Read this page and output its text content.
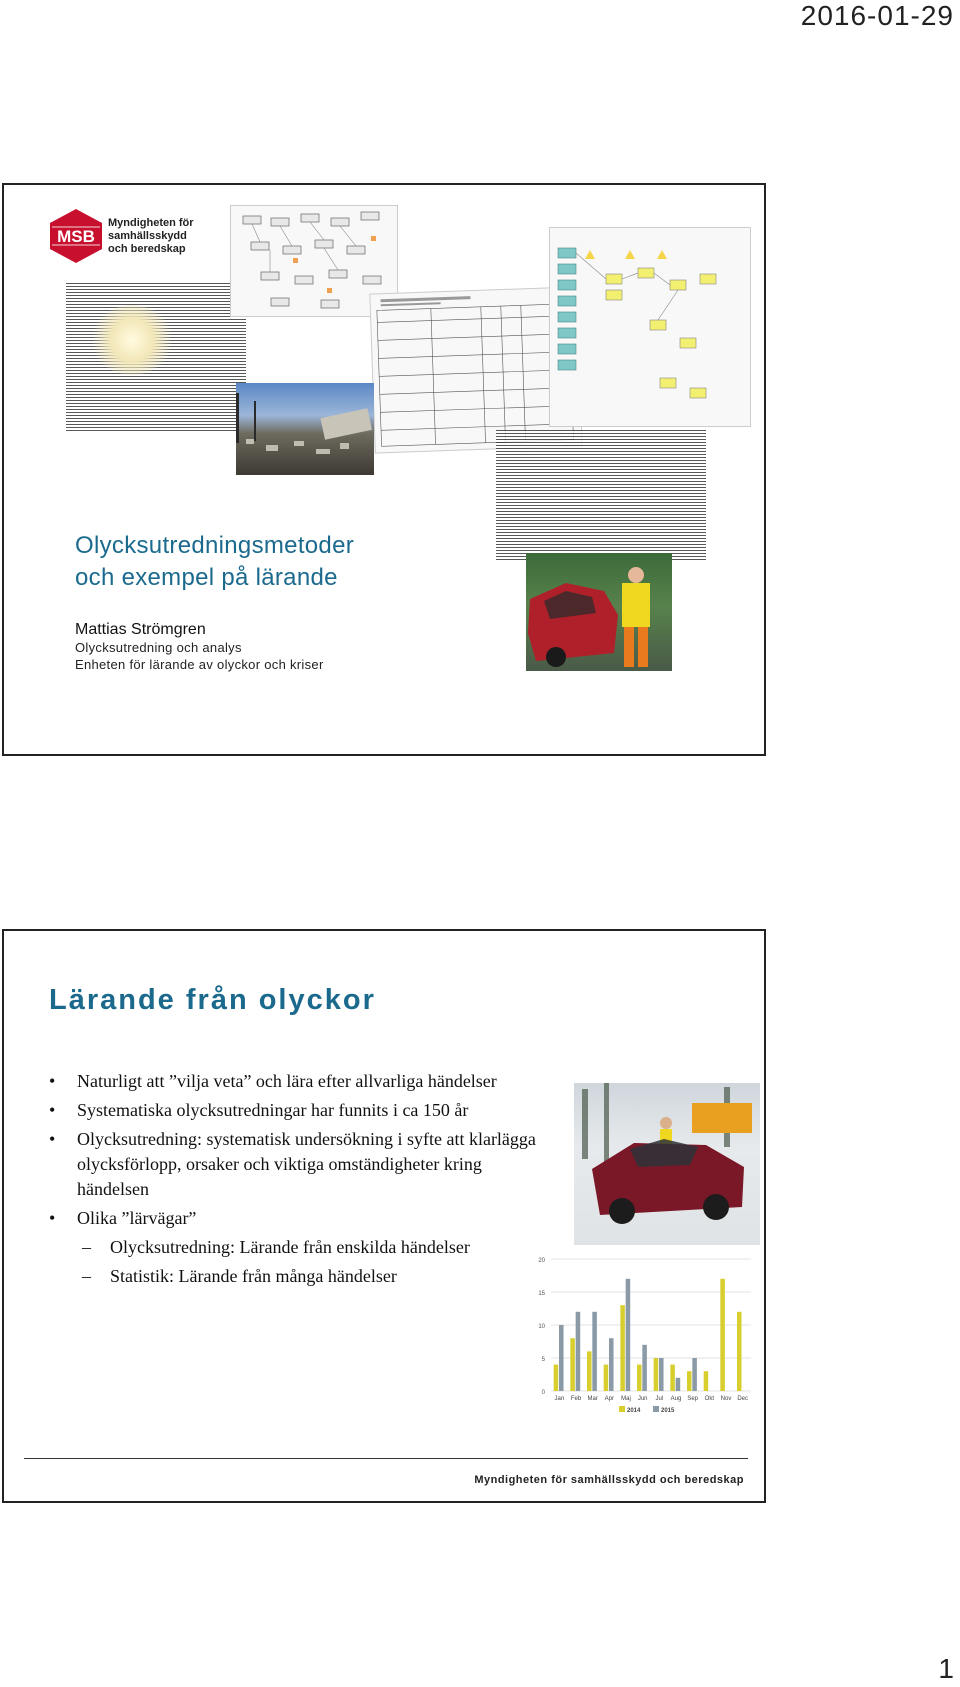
2016-01-29
MSB
Myndigheten för
samhällsskydd
och beredskap
Olycksutredningsmetoder
och exempel på lärande
Mattias Strömgren
Olycksutredning och analys
Enheten för lärande av olyckor och kriser
Lärande från olyckor
• Naturligt att ”vilja veta” och lära efter allvarliga händelser
• Systematiska olycksutredningar har funnits i ca 150 år
• Olycksutredning: systematisk undersökning i syfte att klarlägga olycksförlopp, orsaker och viktiga omständigheter kring händelsen
• Olika ”lärvägar”
– Olycksutredning: Lärande från enskilda händelser
– Statistik: Lärande från många händelser
0
5
10
15
20
Jan Feb Mar Apr Maj Jun Jul Aug Sep Okt Nov Dec
2014	2015
Myndigheten för samhällsskydd och beredskap
1
